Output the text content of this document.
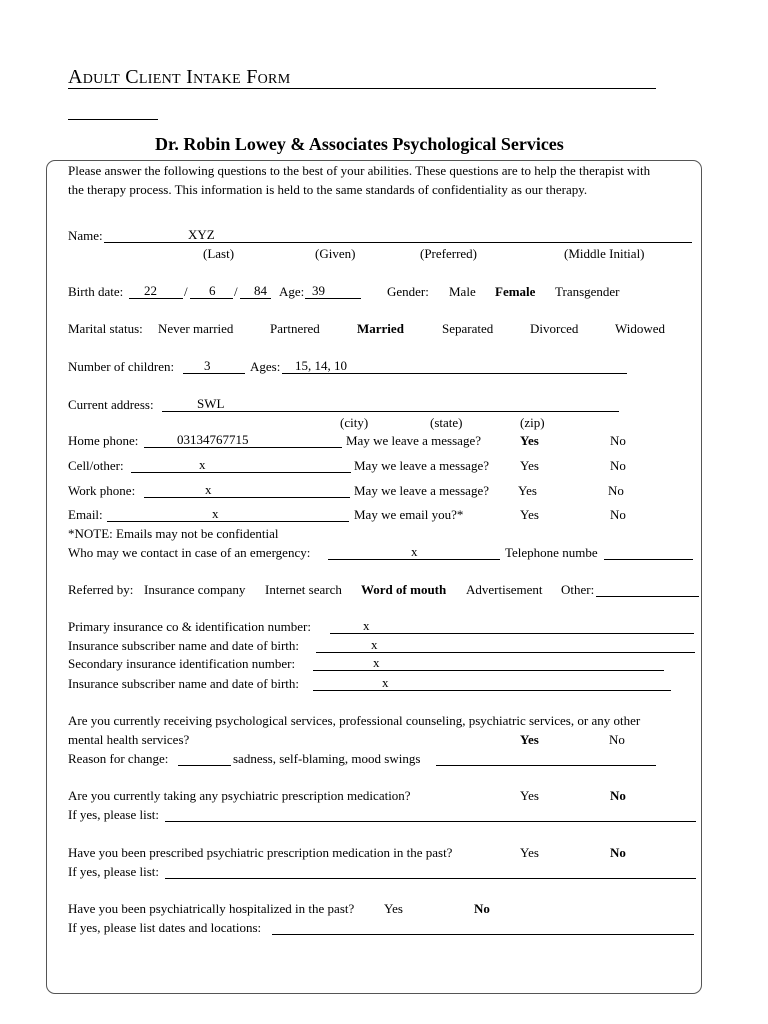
Adult Client Intake Form
Dr. Robin Lowey & Associates Psychological Services
Please answer the following questions to the best of your abilities. These questions are to help the therapist with
the therapy process. This information is held to the same standards of confidentiality as our therapy.
Name:	XYZ
(Last)	(Given)	(Preferred)	(Middle Initial)
Birth date: 22 / 6 / 84 Age: 39	Gender: Male Female Transgender
Marital status: Never married	Partnered	Married	Separated	Divorced	Widowed
Number of children: 3	Ages: 15, 14, 10
Current address:	SWL
(city)	(state)	(zip)
Home phone:	03134767715	May we leave a message?	Yes	No
Cell/other:	x	May we leave a message? Yes	No
Work phone:	x	May we leave a message? Yes	No
Email:	x	May we email you?*	Yes	No
*NOTE: Emails may not be confidential
Who may we contact in case of an emergency:	x	Telephone numbe
Referred by: Insurance company Internet search Word of mouth Advertisement Other:
Primary insurance co & identification number:	x
Insurance subscriber name and date of birth:	x
Secondary insurance identification number:	x
Insurance subscriber name and date of birth:	x
Are you currently receiving psychological services, professional counseling, psychiatric services, or any other
mental health services?	Yes	No
Reason for change:	sadness, self-blaming, mood swings
Are you currently taking any psychiatric prescription medication?	Yes	No
If yes, please list:
Have you been prescribed psychiatric prescription medication in the past?	Yes	No
If yes, please list:
Have you been psychiatrically hospitalized in the past? Yes	No
If yes, please list dates and locations:
